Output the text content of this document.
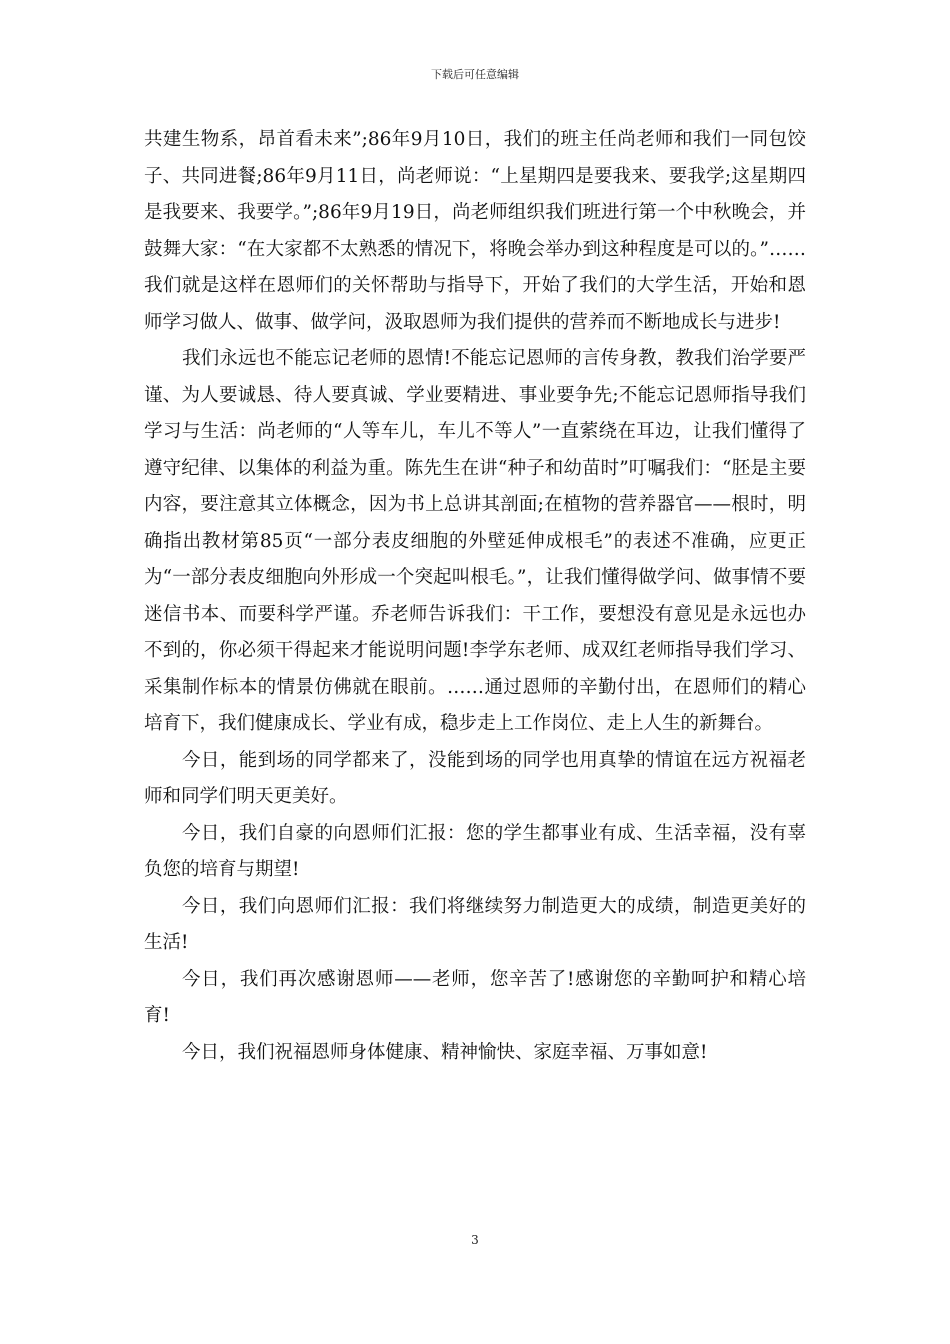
下载后可任意编辑

共建生物系，昂首看未来”;86年9月10日，我们的班主任尚老师和我们一同包饺子、共同进餐;86年9月11日，尚老师说：“上星期四是要我来、要我学;这星期四是我要来、我要学。”;86年9月19日，尚老师组织我们班进行第一个中秋晚会，并鼓舞大家：“在大家都不太熟悉的情况下，将晚会举办到这种程度是可以的。”……我们就是这样在恩师们的关怀帮助与指导下，开始了我们的大学生活，开始和恩师学习做人、做事、做学问，汲取恩师为我们提供的营养而不断地成长与进步!

我们永远也不能忘记老师的恩情!不能忘记恩师的言传身教，教我们治学要严谨、为人要诚恳、待人要真诚、学业要精进、事业要争先;不能忘记恩师指导我们学习与生活：尚老师的“人等车儿，车儿不等人”一直萦绕在耳边，让我们懂得了遵守纪律、以集体的利益为重。陈先生在讲“种子和幼苗时”叮嘱我们：“胚是主要内容，要注意其立体概念，因为书上总讲其剖面;在植物的营养器官——根时，明确指出教材第85页“一部分表皮细胞的外壁延伸成根毛”的表述不准确，应更正为“一部分表皮细胞向外形成一个突起叫根毛。”，让我们懂得做学问、做事情不要迷信书本、而要科学严谨。乔老师告诉我们：干工作，要想没有意见是永远也办不到的，你必须干得起来才能说明问题!李学东老师、成双红老师指导我们学习、采集制作标本的情景仿佛就在眼前。……通过恩师的辛勤付出，在恩师们的精心培育下，我们健康成长、学业有成，稳步走上工作岗位、走上人生的新舞台。

今日，能到场的同学都来了，没能到场的同学也用真挚的情谊在远方祝福老师和同学们明天更美好。

今日，我们自豪的向恩师们汇报：您的学生都事业有成、生活幸福，没有辜负您的培育与期望!

今日，我们向恩师们汇报：我们将继续努力制造更大的成绩，制造更美好的生活!

今日，我们再次感谢恩师——老师，您辛苦了!感谢您的辛勤呵护和精心培育!

今日，我们祝福恩师身体健康、精神愉快、家庭幸福、万事如意!

3
